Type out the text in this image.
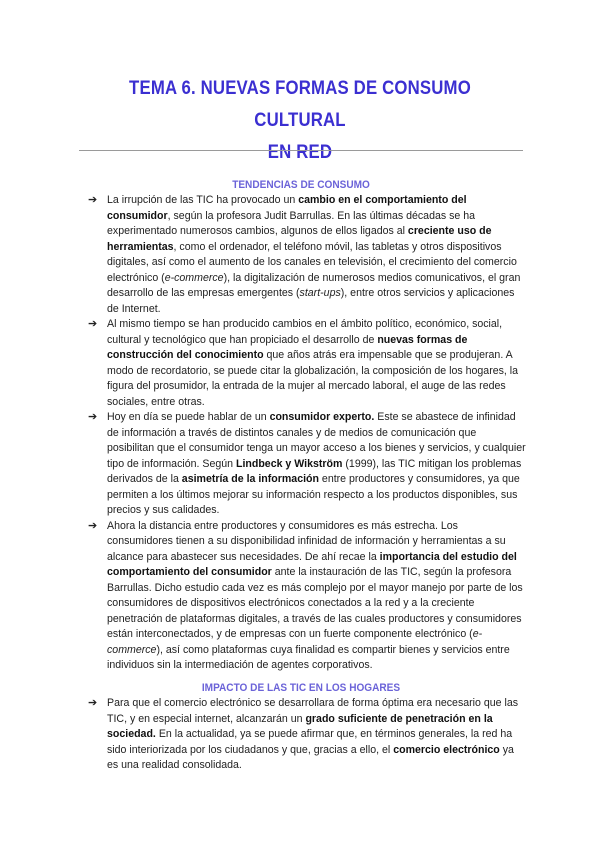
TEMA 6. NUEVAS FORMAS DE CONSUMO CULTURAL
EN RED
TENDENCIAS DE CONSUMO
➔ La irrupción de las TIC ha provocado un cambio en el comportamiento del consumidor, según la profesora Judit Barrullas. En las últimas décadas se ha experimentado numerosos cambios, algunos de ellos ligados al creciente uso de herramientas, como el ordenador, el teléfono móvil, las tabletas y otros dispositivos digitales, así como el aumento de los canales en televisión, el crecimiento del comercio electrónico (e-commerce), la digitalización de numerosos medios comunicativos, el gran desarrollo de las empresas emergentes (start-ups), entre otros servicios y aplicaciones de Internet.
➔ Al mismo tiempo se han producido cambios en el ámbito político, económico, social, cultural y tecnológico que han propiciado el desarrollo de nuevas formas de construcción del conocimiento que años atrás era impensable que se produjeran. A modo de recordatorio, se puede citar la globalización, la composición de los hogares, la figura del prosumidor, la entrada de la mujer al mercado laboral, el auge de las redes sociales, entre otras.
➔ Hoy en día se puede hablar de un consumidor experto. Este se abastece de infinidad de información a través de distintos canales y de medios de comunicación que posibilitan que el consumidor tenga un mayor acceso a los bienes y servicios, y cualquier tipo de información. Según Lindbeck y Wikström (1999), las TIC mitigan los problemas derivados de la asimetría de la información entre productores y consumidores, ya que permiten a los últimos mejorar su información respecto a los productos disponibles, sus precios y sus calidades.
➔ Ahora la distancia entre productores y consumidores es más estrecha. Los consumidores tienen a su disponibilidad infinidad de información y herramientas a su alcance para abastecer sus necesidades. De ahí recae la importancia del estudio del comportamiento del consumidor ante la instauración de las TIC, según la profesora Barrullas. Dicho estudio cada vez es más complejo por el mayor manejo por parte de los consumidores de dispositivos electrónicos conectados a la red y a la creciente penetración de plataformas digitales, a través de las cuales productores y consumidores están interconectados, y de empresas con un fuerte componente electrónico (e-commerce), así como plataformas cuya finalidad es compartir bienes y servicios entre individuos sin la intermediación de agentes corporativos.
IMPACTO DE LAS TIC EN LOS HOGARES
➔ Para que el comercio electrónico se desarrollara de forma óptima era necesario que las TIC, y en especial internet, alcanzarán un grado suficiente de penetración en la sociedad. En la actualidad, ya se puede afirmar que, en términos generales, la red ha sido interiorizada por los ciudadanos y que, gracias a ello, el comercio electrónico ya es una realidad consolidada.
